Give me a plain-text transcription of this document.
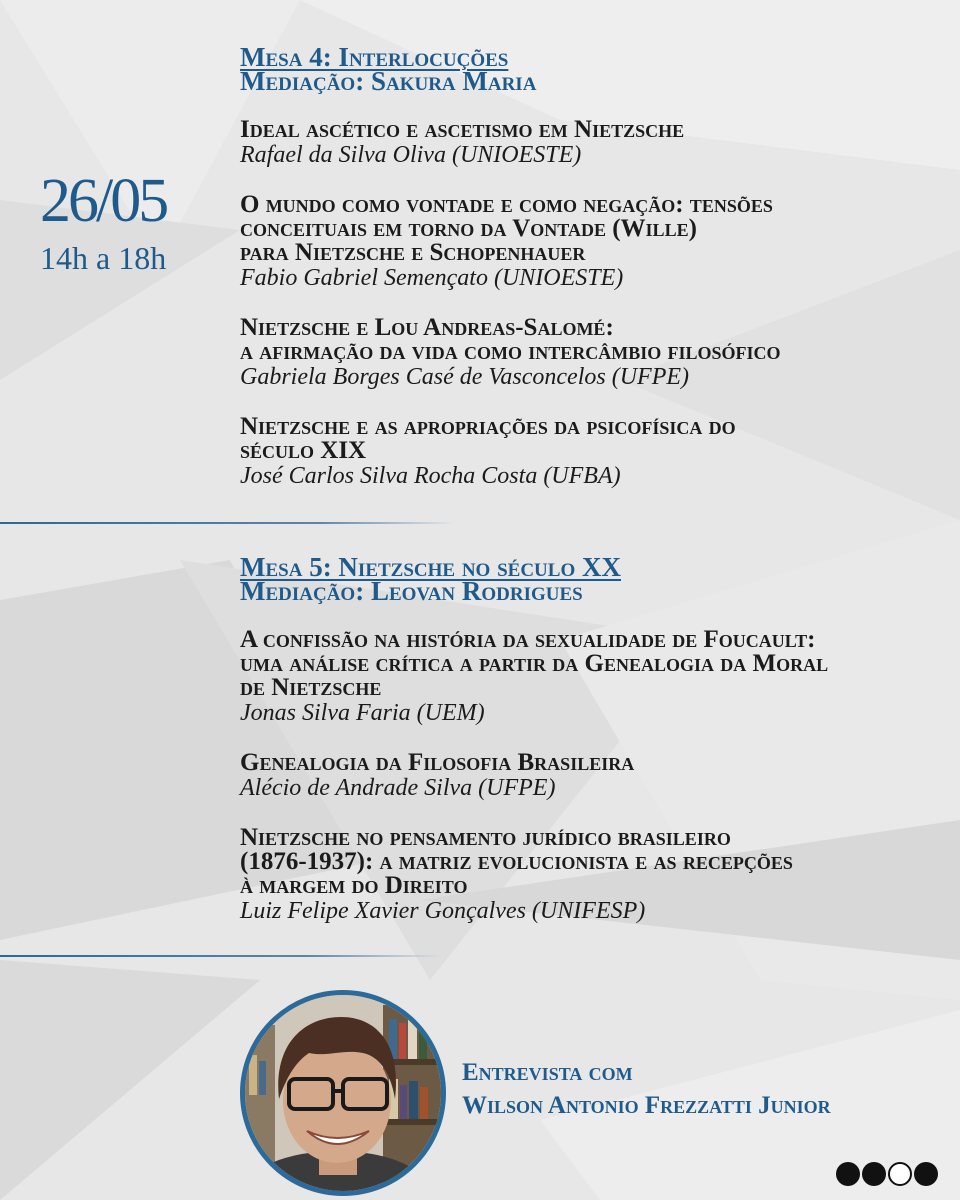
26/05
14h a 18h
Mesa 4: Interlocuções
Mediação: Sakura Maria
Ideal ascético e ascetismo em Nietzsche
Rafael da Silva Oliva (UNIOESTE)
O mundo como vontade e como negação: tensões
conceituais em torno da Vontade (Wille)
para Nietzsche e Schopenhauer
Fabio Gabriel Semençato (UNIOESTE)
Nietzsche e Lou Andreas-Salomé:
a afirmação da vida como intercâmbio filosófico
Gabriela Borges Casé de Vasconcelos (UFPE)
Nietzsche e as apropriações da psicofísica do
século XIX
José Carlos Silva Rocha Costa (UFBA)
Mesa 5: Nietzsche no século XX
Mediação: Leovan Rodrigues
A confissão na história da sexualidade de Foucault:
uma análise crítica a partir da Genealogia da Moral
de Nietzsche
Jonas Silva Faria (UEM)
Genealogia da Filosofia Brasileira
Alécio de Andrade Silva (UFPE)
Nietzsche no pensamento jurídico brasileiro
(1876-1937): a matriz evolucionista e as recepções
à margem do Direito
Luiz Felipe Xavier Gonçalves (UNIFESP)
Entrevista com
Wilson Antonio Frezzatti Junior
